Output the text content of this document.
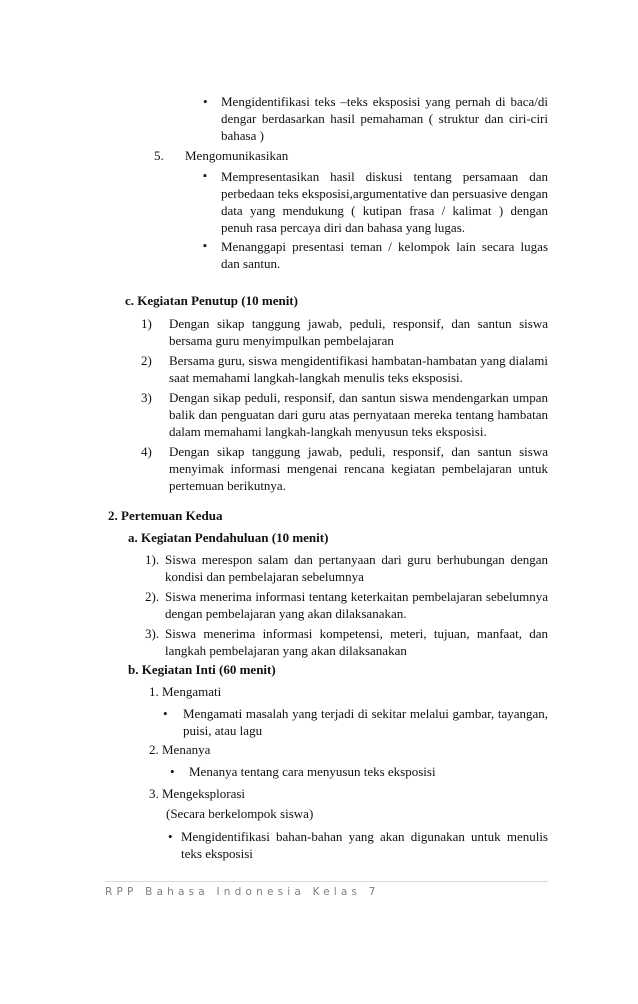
• Mengidentifikasi teks –teks eksposisi yang pernah di baca/di
dengar berdasarkan hasil pemahaman ( struktur dan ciri-ciri
bahasa )
5. Mengomunikasikan
▪ Mempresentasikan hasil diskusi tentang persamaan dan
perbedaan teks eksposisi,argumentative dan persuasive dengan
data yang mendukung ( kutipan frasa / kalimat ) dengan
penuh rasa percaya diri dan bahasa yang lugas.
▪ Menanggapi presentasi teman / kelompok lain secara lugas
dan santun.
c. Kegiatan Penutup (10 menit)
1) Dengan sikap tanggung jawab, peduli, responsif, dan santun siswa
bersama guru menyimpulkan pembelajaran
2) Bersama guru, siswa mengidentifikasi hambatan-hambatan yang dialami
saat memahami langkah-langkah menulis teks eksposisi.
3) Dengan sikap peduli, responsif, dan santun siswa mendengarkan umpan
balik dan penguatan dari guru atas pernyataan mereka tentang hambatan
dalam memahami langkah-langkah menyusun teks eksposisi.
4) Dengan sikap tanggung jawab, peduli, responsif, dan santun siswa
menyimak informasi mengenai rencana kegiatan pembelajaran untuk
pertemuan berikutnya.
2. Pertemuan Kedua
a. Kegiatan Pendahuluan (10 menit)
1). Siswa merespon salam dan pertanyaan dari guru berhubungan dengan
kondisi dan pembelajaran sebelumnya
2). Siswa menerima informasi tentang keterkaitan pembelajaran sebelumnya
dengan pembelajaran yang akan dilaksanakan.
3). Siswa menerima informasi kompetensi, meteri, tujuan, manfaat, dan
langkah pembelajaran yang akan dilaksanakan
b. Kegiatan Inti (60 menit)
1. Mengamati
• Mengamati masalah yang terjadi di sekitar melalui gambar, tayangan,
puisi, atau lagu
2. Menanya
• Menanya tentang cara menyusun teks eksposisi
3. Mengeksplorasi
(Secara berkelompok siswa)
• Mengidentifikasi bahan-bahan yang akan digunakan untuk menulis
teks eksposisi
RPP Bahasa Indonesia Kelas 7
